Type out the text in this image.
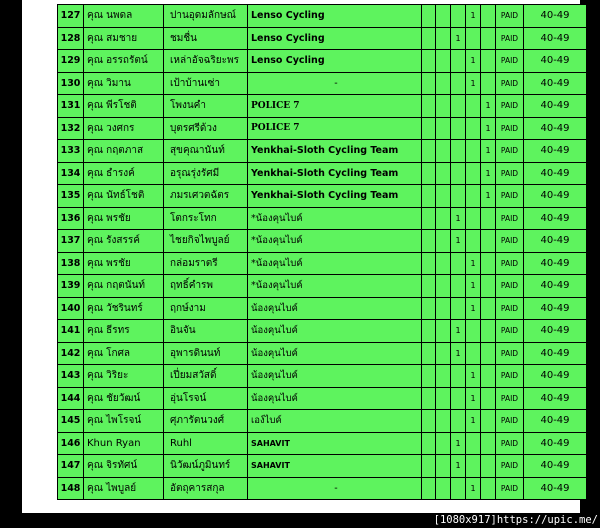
127	คุณ นพดล	ปานอุดมลักษณ์	Lenso Cycling				1		PAID	40-49
128	คุณ สมชาย	ชมชื่น	Lenso Cycling			1			PAID	40-49
129	คุณ อรรถรัตน์	เหล่าอัจฉริยะพร	Lenso Cycling				1		PAID	40-49
130	คุณ วิมาน	เป้าบ้านเซ่า	-				1		PAID	40-49
131	คุณ พีรโชติ	โพงนคำ	POLICE 7					1	PAID	40-49
132	คุณ วงศกร	บุตรศรีด้วง	POLICE 7					1	PAID	40-49
133	คุณ กฤตภาส	สุขคุณานันท์	Yenkhai-Sloth Cycling Team					1	PAID	40-49
134	คุณ ธำรงค์	อรุณรุ่งรัศมี	Yenkhai-Sloth Cycling Team					1	PAID	40-49
135	คุณ นัทธ์โชติ	ภมรเศวตฉัตร	Yenkhai-Sloth Cycling Team					1	PAID	40-49
136	คุณ พรชัย	โตกระโทก	*น้องคุนไบค์			1			PAID	40-49
137	คุณ รังสรรค์	ไชยกิจไพบูลย์	*น้องคุนไบค์			1			PAID	40-49
138	คุณ พรชัย	กล่อมราตรี	*น้องคุนไบค์				1		PAID	40-49
139	คุณ กฤตนันท์	ฤทธิ์คำรพ	*น้องคุนไบค์				1		PAID	40-49
140	คุณ วัชรินทร์	ฤกษ์งาม	น้องคุนไบค์				1		PAID	40-49
141	คุณ ธีรทร	อินจัน	น้องคุนไบค์			1			PAID	40-49
142	คุณ โกศล	อุพารดินนท์	น้องคุนไบค์			1			PAID	40-49
143	คุณ วิริยะ	เปี่ยมสวัสดิ์	น้องคุนไบค์				1		PAID	40-49
144	คุณ ชัยวัฒน์	อุ่นโรจน์	น้องคุนไบค์				1		PAID	40-49
145	คุณ ไพโรจน์	ศุภารัตนวงศ์	เอง์ไบค์				1		PAID	40-49
146	Khun Ryan	Ruhl	SAHAVIT			1			PAID	40-49
147	คุณ จิรทัศน์	นิวัฒน์ภูมินทร์	SAHAVIT			1			PAID	40-49
148	คุณ ไพบูลย์	อัตถุคารสกุล	-				1		PAID	40-49
[1080x917]https://upic.me/
